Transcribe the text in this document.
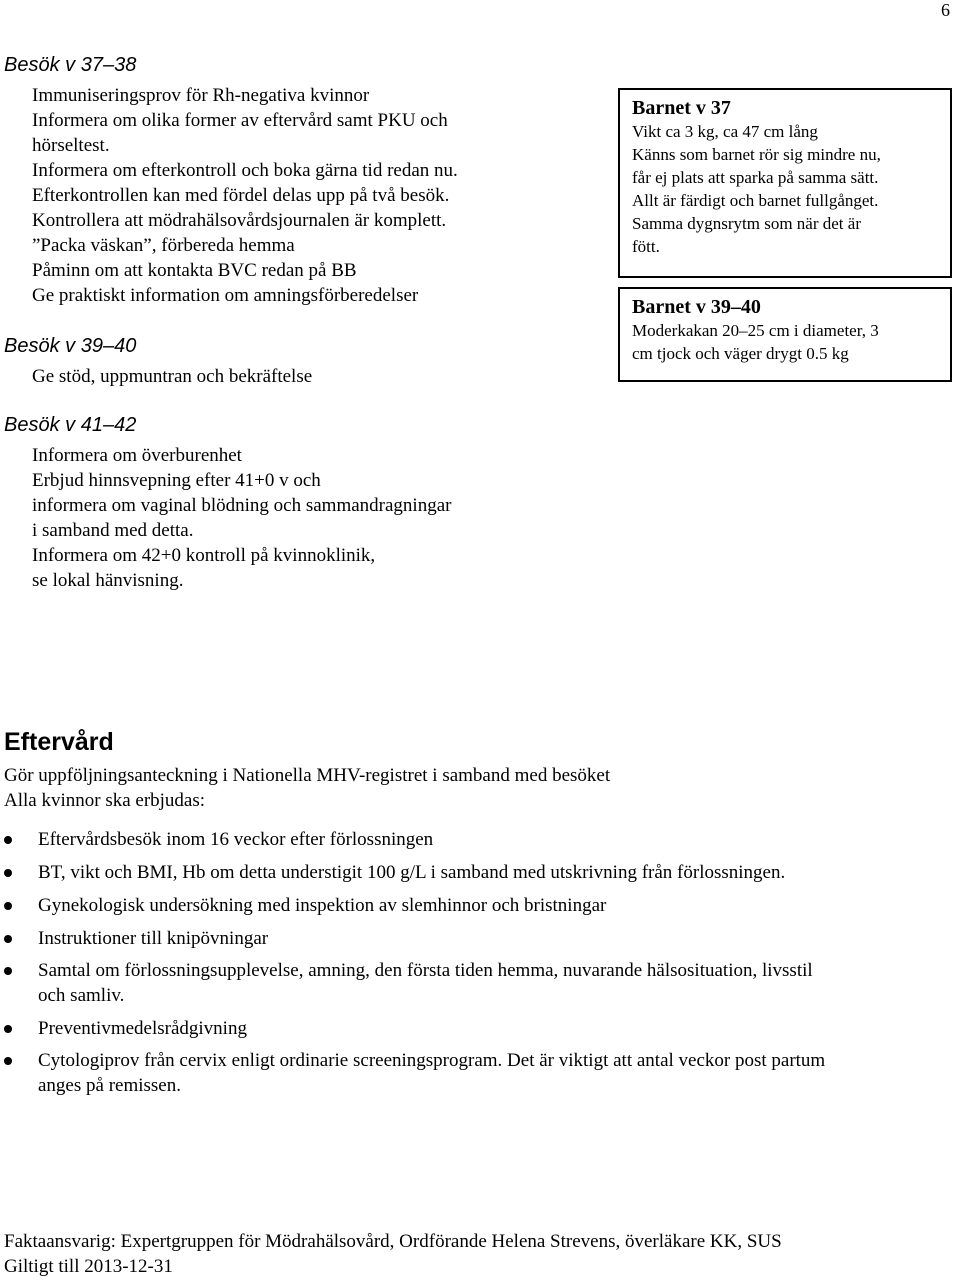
6
Besök v 37–38
Immuniseringsprov för Rh-negativa kvinnor
Informera om olika former av eftervård samt PKU och
hörseltest.
Informera om efterkontroll och boka gärna tid redan nu.
Efterkontrollen kan med fördel delas upp på två besök.
Kontrollera att mödrahälsovårdsjournalen är komplett.
”Packa väskan”, förbereda hemma
Påminn om att kontakta BVC redan på BB
Ge praktiskt information om amningsförberedelser
Besök v 39–40
Ge stöd, uppmuntran och bekräftelse
Besök v 41–42
Informera om överburenhet
Erbjud hinnsvepning efter 41+0 v och
informera om vaginal blödning och sammandragningar
i samband med detta.
Informera om 42+0 kontroll på kvinnoklinik,
se lokal hänvisning.
Barnet v 37
Vikt ca 3 kg, ca 47 cm lång
Känns som barnet rör sig mindre nu,
får ej plats att sparka på samma sätt.
Allt är färdigt och barnet fullgånget.
Samma dygnsrytm som när det är
fött.
Barnet v 39–40
Moderkakan 20–25 cm i diameter, 3
cm tjock och väger drygt 0.5 kg
Eftervård
Gör uppföljningsanteckning i Nationella MHV-registret i samband med besöket
Alla kvinnor ska erbjudas:
Eftervårdsbesök inom 16 veckor efter förlossningen
BT, vikt och BMI, Hb om detta understigit 100 g/L i samband med utskrivning från förlossningen.
Gynekologisk undersökning med inspektion av slemhinnor och bristningar
Instruktioner till knipövningar
Samtal om förlossningsupplevelse, amning, den första tiden hemma, nuvarande hälsosituation, livsstil
och samliv.
Preventivmedelsrådgivning
Cytologiprov från cervix enligt ordinarie screeningsprogram. Det är viktigt att antal veckor post partum
anges på remissen.
Faktaansvarig: Expertgruppen för Mödrahälsovård, Ordförande Helena Strevens, överläkare KK, SUS
Giltigt till 2013-12-31
